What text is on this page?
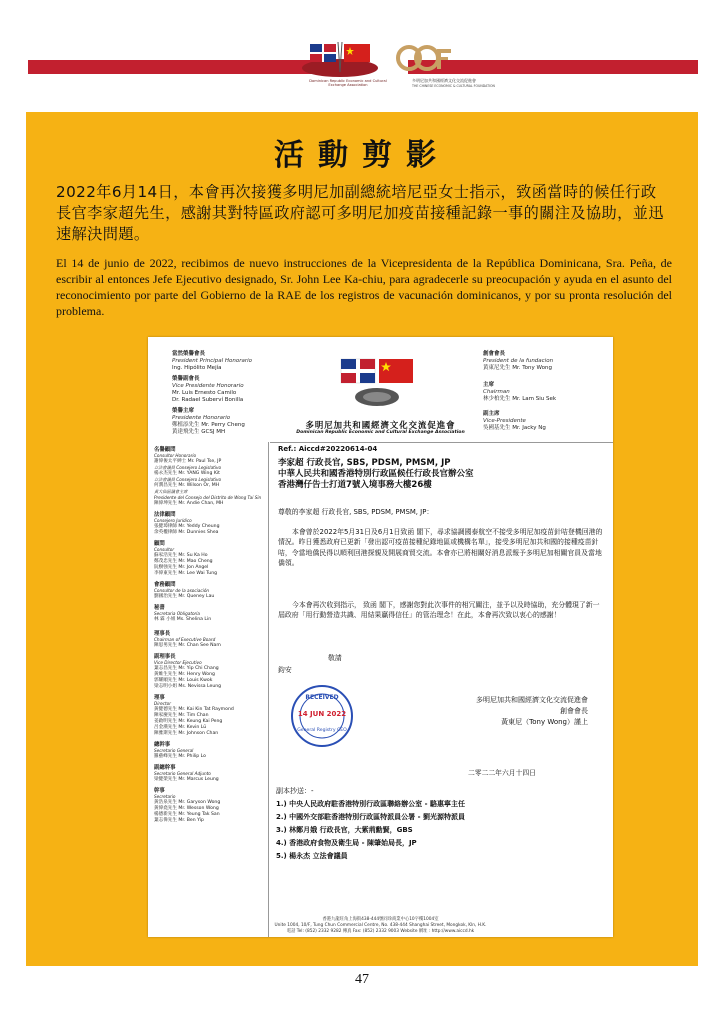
Dominican Republic Economic and Cultural Exchange Association
多明尼加共和國經濟文化交流促進會
THE CHINESE ECONOMIC & CULTURAL FOUNDATION
活動剪影
2022年6月14日，本會再次接獲多明尼加副總統培尼亞女士指示，致函當時的候任行政長官李家超先生，感謝其對特區政府認可多明尼加疫苗接種記錄一事的關注及協助，並迅速解決問題。
El 14 de junio de 2022, recibimos de nuevo instrucciones de la Vicepresidenta de la República Dominicana, Sra. Peña, de escribir al entonces Jefe Ejecutivo designado, Sr. John Lee Ka-chiu, para agradecerle su preocupación y ayuda en el asunto del reconocimiento por parte del Gobierno de la RAE de los registros de vacunación dominicanos, y por su pronta resolución del problema.
當然榮譽會長
President Principal Honorario
Ing. Hipólito Mejía
榮譽副會長
Vice Presidente Honorario
Mr. Luis Ernesto Camilo
Dr. Radael Suberví Bonilla
榮譽主席
Presidente Honorario
鄭植添先生 Mr. Perry Cheng
黃達飛先生 GCSJ MH
創會會長
President de la fundacion
黃東尼先生 Mr. Tony Wong
主席
Chairman
林少柏先生 Mr. Lam Siu Sek
副主席
Vice-Presidente
吳國基先生 Mr. Jacky Ng
多明尼加共和國經濟文化交流促進會
Dominican Republic Economic and Cultural Exchange Association
Ref.: Aiccd#20220614-04
名譽顧問
Consultor Honorario
謝偉俊太平紳士 Mr. Paul Tse, JP
立法會議員 Consejero Legislativo
楊永杰先生 Mr. YANG Wing Kit
立法會議員 Consejero Legislativo
何潤昌先生 Mr. Wilson Or, MH
黃大仙區議會主席
Presidente del Consejo del Distrito de Wong Tai Sin
陳偉坤先生 Mr. Andie Chan, MH
法律顧問
Consejero Jurídico
張健璋律師 Mr. Yeddy Cheung
余英權律師 Mr. Dunnies Shea
顧問
Consultor
蘇家浩先生 Mr. Su Ka Ho
鄭茂忠先生 Mr. Mao Cheng
阮樹強先生 Mr. Jon Angel
李偉東先生 Mr. Lee Wai Tung
會務顧問
Consultor de la asociación
劉國治先生 Mr. Queney Lau
秘書
Secretaria Obligatoria
林 霖 小姐 Ms. Shelina Lin
理事長
Chairman of Executive Board
陳思男先生 Mr. Chan See Nam
副理事長
Vice Director Ejecutivo
葉志昌先生 Mr. Yip Chi Chang
黃維生先生 Mr. Henry Wong
郭耀順先生 Mr. Louis Kwok
梁志明小姐 Ms. Nevissa Leung
理事
Director
黃健德先生 Mr. Kai Kin Tat Raymond
陳家慶先生 Mr. Tim Chan
姜啟明先生 Mr. Keung Kai Peng
呂金漢先生 Mr. Kevin Lü
陳雅斯先生 Mr. Johnson Chan
總幹事
Secretario General
羅藝峰先生 Mr. Philip Lo
副總幹事
Secretario General Adjunto
梁健榮先生 Mr. Marcus Leung
幹事
Secretario
黃浩泉先生 Mr. Garyson Wong
黃偉堯先生 Mr. Wesson Wong
楊德新先生 Mr. Yeung Tak San
葉志偉先生 Mr. Ben Yip
李家超 行政長官, SBS, PDSM, PMSM, JP
中華人民共和國香港特別行政區候任行政長官辦公室
香港灣仔告士打道7號入境事務大樓26樓
尊敬的李家超 行政長官, SBS, PDSM, PMSM, JP：
本會曾於2022年5月31日及6月1日致函 閣下，尋求協調國泰航空不接受多明尼加疫苗針咭登機回港的情況。昨日獲悉政府已更新「發出認可疫苗接種紀錄地區或機構名單」，接受多明尼加共和國的接種疫苗針咭，令當地僑民得以順利回港探親及開展商貿交流。本會亦已將相關好消息派報予多明尼加相關官員及當地僑領。
今本會再次收到指示， 致函 閣下，感謝您對此次事件的相冗關注，並予以及時協助，充分體現了新一屆政府「用行動營造共識、用結果贏得信任」的管治理念！在此，本會再次致以衷心的感謝！
敬請
鈞安
RECEIVED
14 JUN 2022
General Registry CEO
多明尼加共和國經濟文化交流促進會
創會會長
黃東尼（Tony Wong）謹上
二零二二年六月十四日
副本抄送：-
1.) 中央人民政府駐香港特別行政區聯絡辦公室 - 駱惠寧主任
2.) 中國外交部駐香港特別行政區特派員公署 - 劉光源特派員
3.) 林鄭月娥 行政長官，大紫荊勳賢，GBS
4.) 香港政府食物及衛生局 - 陳肇始局長，JP
5.) 楊永杰 立法會議員
香港九龍旺角上海街438-444號同珍商業中心10字樓1004室
Unite 1004, 10/F, Tung Chun Commercial Centre, No. 438-444 Shanghai Street, Mongkok, Kln, H.K.
電話 Tel: (852) 2332 9282 傳真 Fax: (852) 2332 9003 Website 網址 : http://www.aiccd.hk
47
